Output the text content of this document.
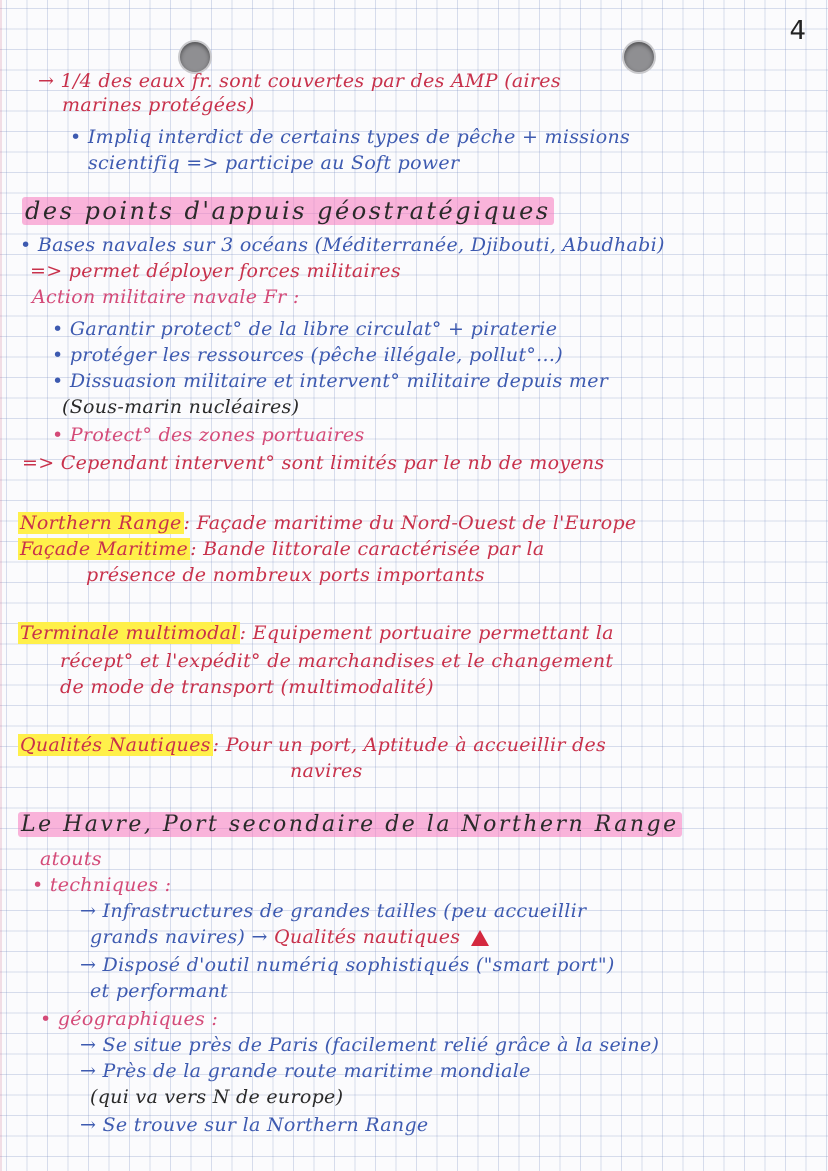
4
→ 1/4 des eaux fr. sont couvertes par des AMP (aires
marines protégées)
• Impliq interdict de certains types de pêche + missions
scientifiq => participe au Soft power
des points d'appuis géostratégiques
• Bases navales sur 3 océans (Méditerranée, Djibouti, Abudhabi)
=> permet déployer forces militaires
Action militaire navale Fr :
• Garantir protect° de la libre circulat° + piraterie
• protéger les ressources (pêche illégale, pollut°...)
• Dissuasion militaire et intervent° militaire depuis mer
(Sous-marin nucléaires)
• Protect° des zones portuaires
=> Cependant intervent° sont limités par le nb de moyens
Northern Range : Façade maritime du Nord-Ouest de l'Europe
Façade Maritime : Bande littorale caractérisée par la
présence de nombreux ports importants
Terminale multimodal : Equipement portuaire permettant la
récept° et l'expédit° de marchandises et le changement
de mode de transport (multimodalité)
Qualités Nautiques : Pour un port, Aptitude à accueillir des
navires
Le Havre, Port secondaire de la Northern Range
atouts
• techniques :
→ Infrastructures de grandes tailles (peu accueillir
grands navires) → Qualités nautiques
→ Disposé d'outil numériq sophistiqués ("smart port")
et performant
• géographiques :
→ Se situe près de Paris (facilement relié grâce à la seine)
→ Près de la grande route maritime mondiale
(qui va vers N de europe)
→ Se trouve sur la Northern Range
